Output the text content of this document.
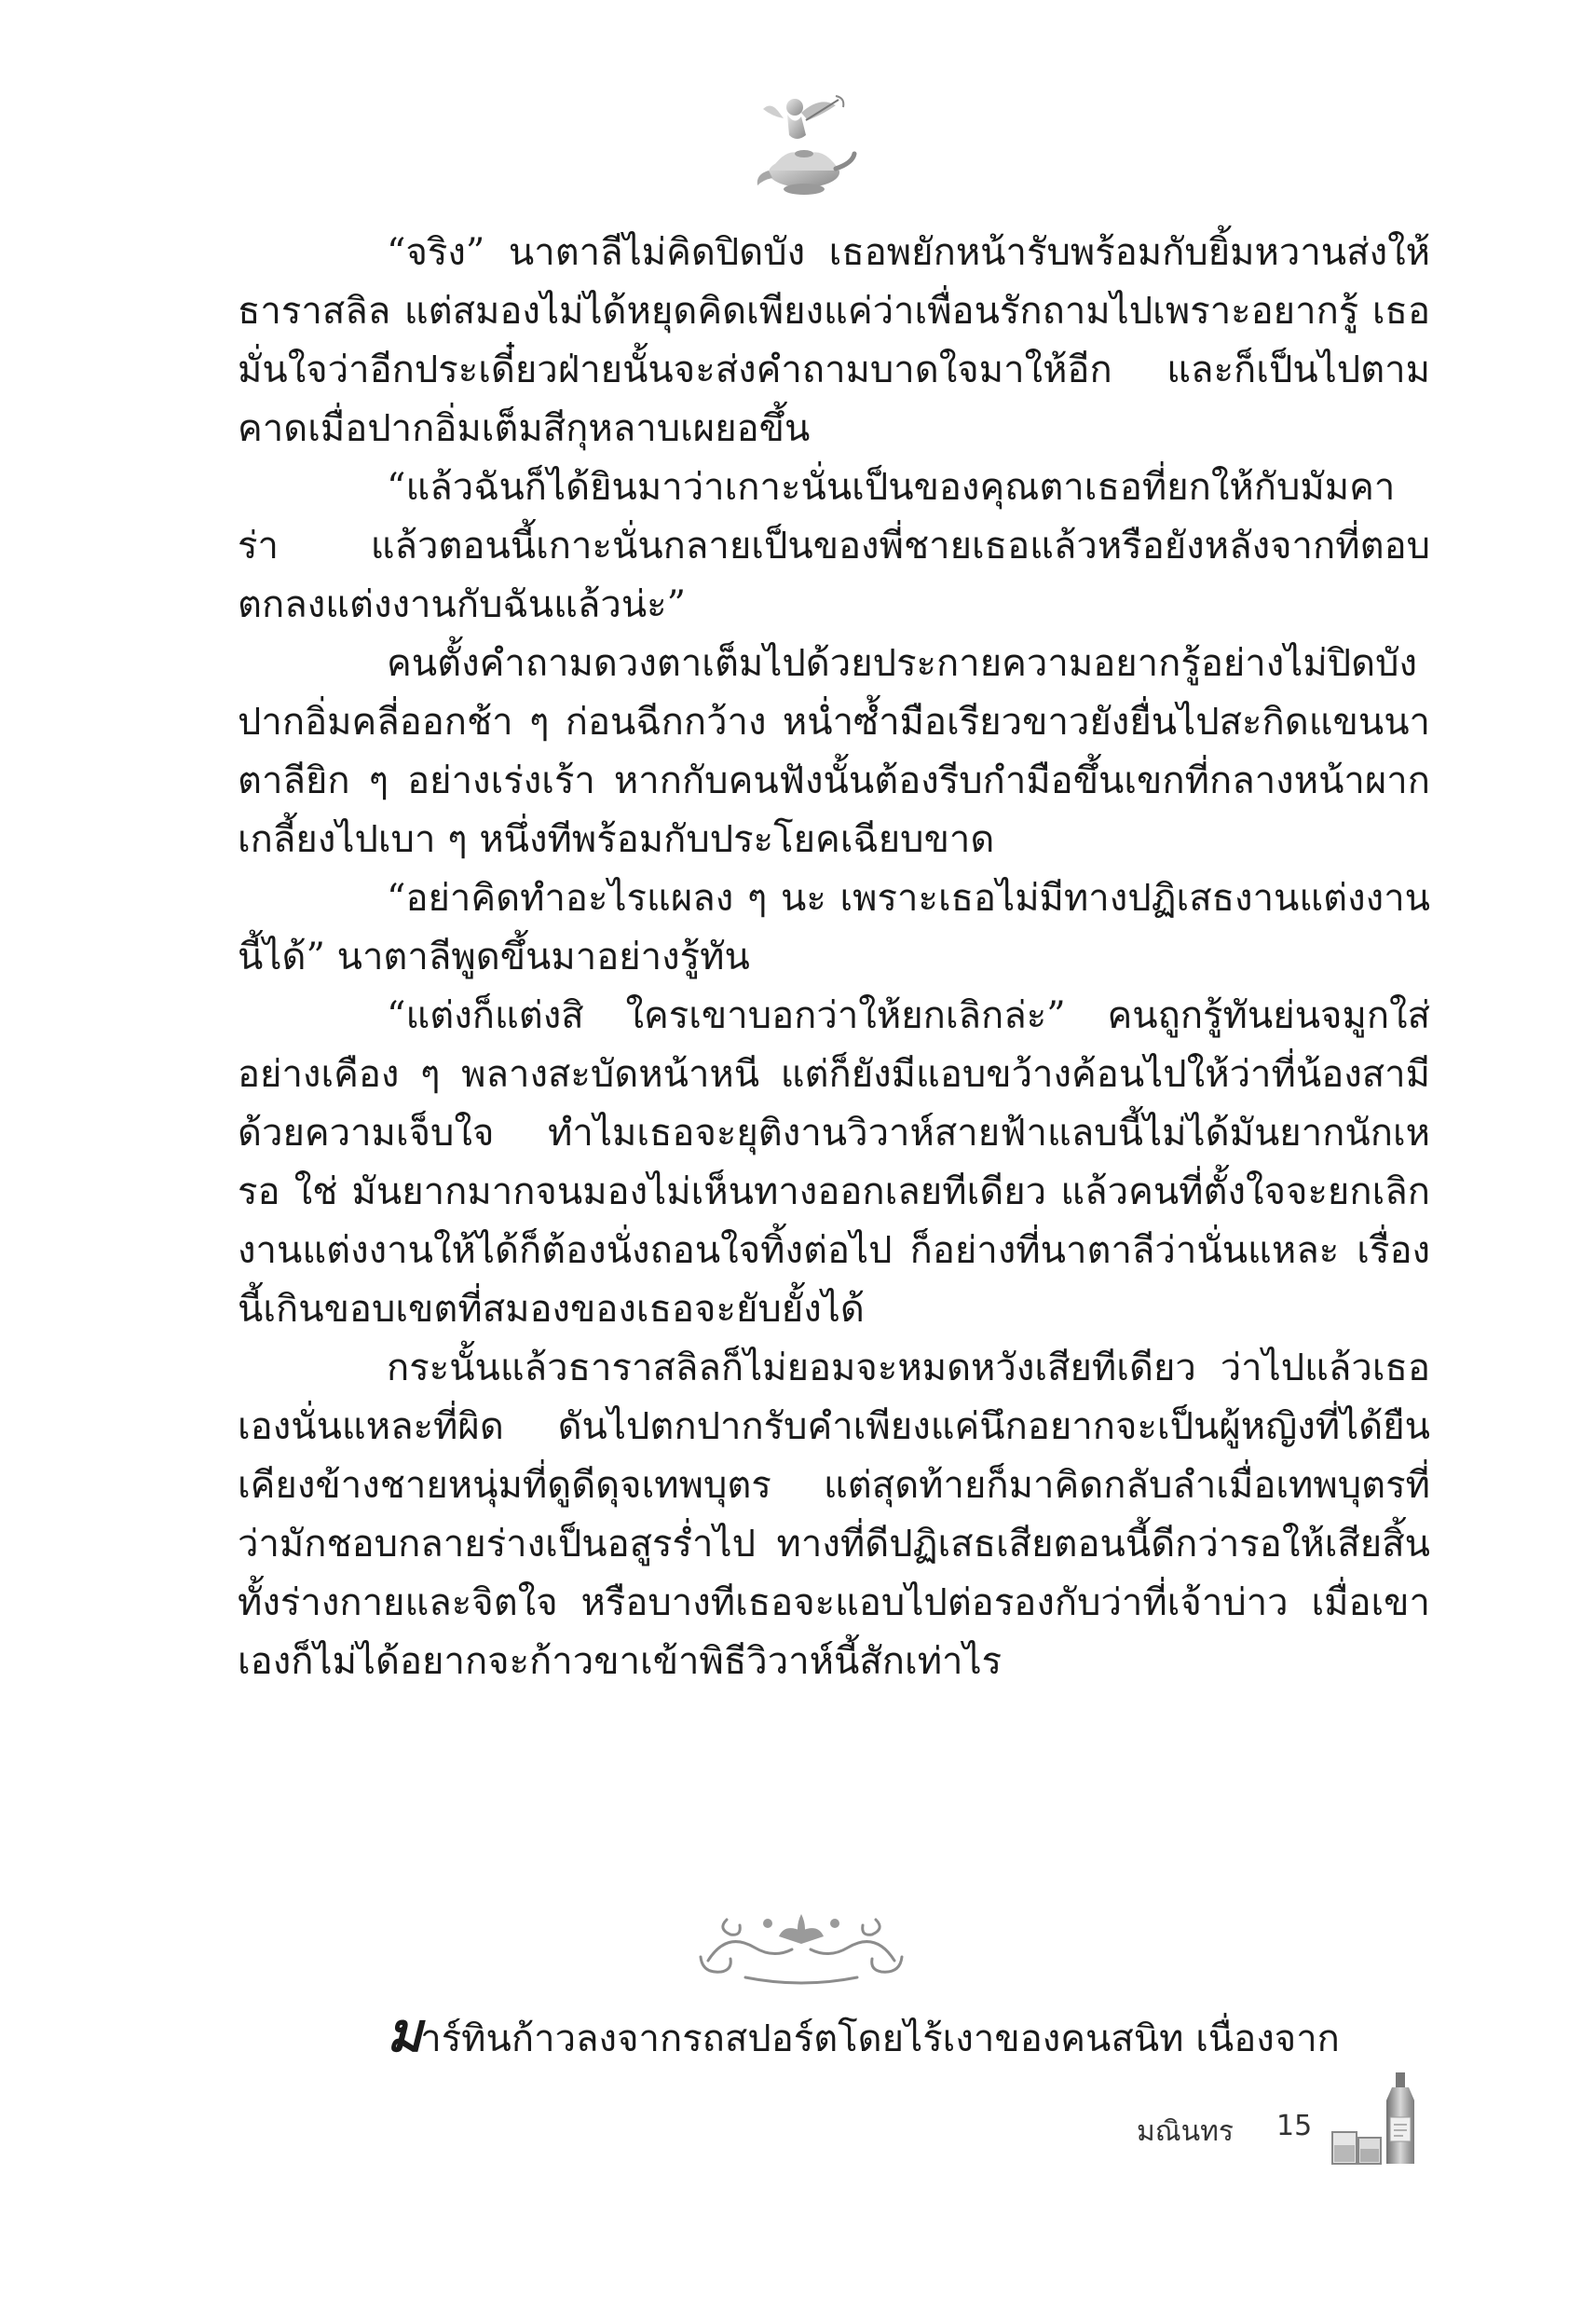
“จริง” นาตาลีไม่คิดปิดบัง เธอพยักหน้ารับพร้อมกับยิ้มหวานส่งให้ธาราสลิล แต่สมองไม่ได้หยุดคิดเพียงแค่ว่าเพื่อนรักถามไปเพราะอยากรู้ เธอมั่นใจว่าอีกประเดี๋ยวฝ่ายนั้นจะส่งคำถามบาดใจมาให้อีก และก็เป็นไปตามคาดเมื่อปากอิ่มเต็มสีกุหลาบเผยอขึ้น

“แล้วฉันก็ได้ยินมาว่าเกาะนั่นเป็นของคุณตาเธอที่ยกให้กับมัมคาร่า แล้วตอนนี้เกาะนั่นกลายเป็นของพี่ชายเธอแล้วหรือยังหลังจากที่ตอบตกลงแต่งงานกับฉันแล้วน่ะ”

คนตั้งคำถามดวงตาเต็มไปด้วยประกายความอยากรู้อย่างไม่ปิดบัง ปากอิ่มคลี่ออกช้า ๆ ก่อนฉีกกว้าง หน่ำซ้ำมือเรียวขาวยังยื่นไปสะกิดแขนนาตาลียิก ๆ อย่างเร่งเร้า หากกับคนฟังนั้นต้องรีบกำมือขึ้นเขกที่กลางหน้าผากเกลี้ยงไปเบา ๆ หนึ่งทีพร้อมกับประโยคเฉียบขาด

“อย่าคิดทำอะไรแผลง ๆ นะ เพราะเธอไม่มีทางปฏิเสธงานแต่งงานนี้ได้” นาตาลีพูดขึ้นมาอย่างรู้ทัน

“แต่งก็แต่งสิ ใครเขาบอกว่าให้ยกเลิกล่ะ” คนถูกรู้ทันย่นจมูกใส่อย่างเคือง ๆ พลางสะบัดหน้าหนี แต่ก็ยังมีแอบขว้างค้อนไปให้ว่าที่น้องสามีด้วยความเจ็บใจ ทำไมเธอจะยุติงานวิวาห์สายฟ้าแลบนี้ไม่ได้มันยากนักเหรอ ใช่ มันยากมากจนมองไม่เห็นทางออกเลยทีเดียว แล้วคนที่ตั้งใจจะยกเลิกงานแต่งงานให้ได้ก็ต้องนั่งถอนใจทิ้งต่อไป ก็อย่างที่นาตาลีว่านั่นแหละ เรื่องนี้เกินขอบเขตที่สมองของเธอจะยับยั้งได้

กระนั้นแล้วธาราสลิลก็ไม่ยอมจะหมดหวังเสียทีเดียว ว่าไปแล้วเธอเองนั่นแหละที่ผิด ดันไปตกปากรับคำเพียงแค่นึกอยากจะเป็นผู้หญิงที่ได้ยืนเคียงข้างชายหนุ่มที่ดูดีดุจเทพบุตร แต่สุดท้ายก็มาคิดกลับลำเมื่อเทพบุตรที่ว่ามักชอบกลายร่างเป็นอสูรร่ำไป ทางที่ดีปฏิเสธเสียตอนนี้ดีกว่ารอให้เสียสิ้นทั้งร่างกายและจิตใจ หรือบางทีเธอจะแอบไปต่อรองกับว่าที่เจ้าบ่าว เมื่อเขาเองก็ไม่ได้อยากจะก้าวขาเข้าพิธีวิวาห์นี้สักเท่าไร

มาร์ทินก้าวลงจากรถสปอร์ตโดยไร้เงาของคนสนิท เนื่องจาก

มณินทร 15
